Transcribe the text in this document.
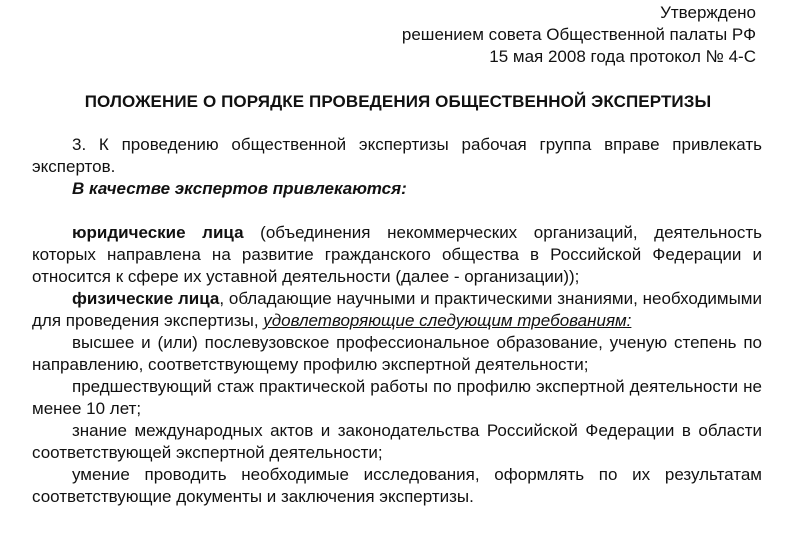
Утверждено
решением совета Общественной палаты РФ
15 мая 2008 года протокол № 4-С
ПОЛОЖЕНИЕ О ПОРЯДКЕ ПРОВЕДЕНИЯ ОБЩЕСТВЕННОЙ ЭКСПЕРТИЗЫ

3. К проведению общественной экспертизы рабочая группа вправе привлекать экспертов.

В качестве экспертов привлекаются:

юридические лица (объединения некоммерческих организаций, деятельность которых направлена на развитие гражданского общества в Российской Федерации и относится к сфере их уставной деятельности (далее - организации));

физические лица, обладающие научными и практическими знаниями, необходимыми для проведения экспертизы, удовлетворяющие следующим требованиям:

высшее и (или) послевузовское профессиональное образование, ученую степень по направлению, соответствующему профилю экспертной деятельности;

предшествующий стаж практической работы по профилю экспертной деятельности не менее 10 лет;

знание международных актов и законодательства Российской Федерации в области соответствующей экспертной деятельности;

умение проводить необходимые исследования, оформлять по их результатам соответствующие документы и заключения экспертизы.
